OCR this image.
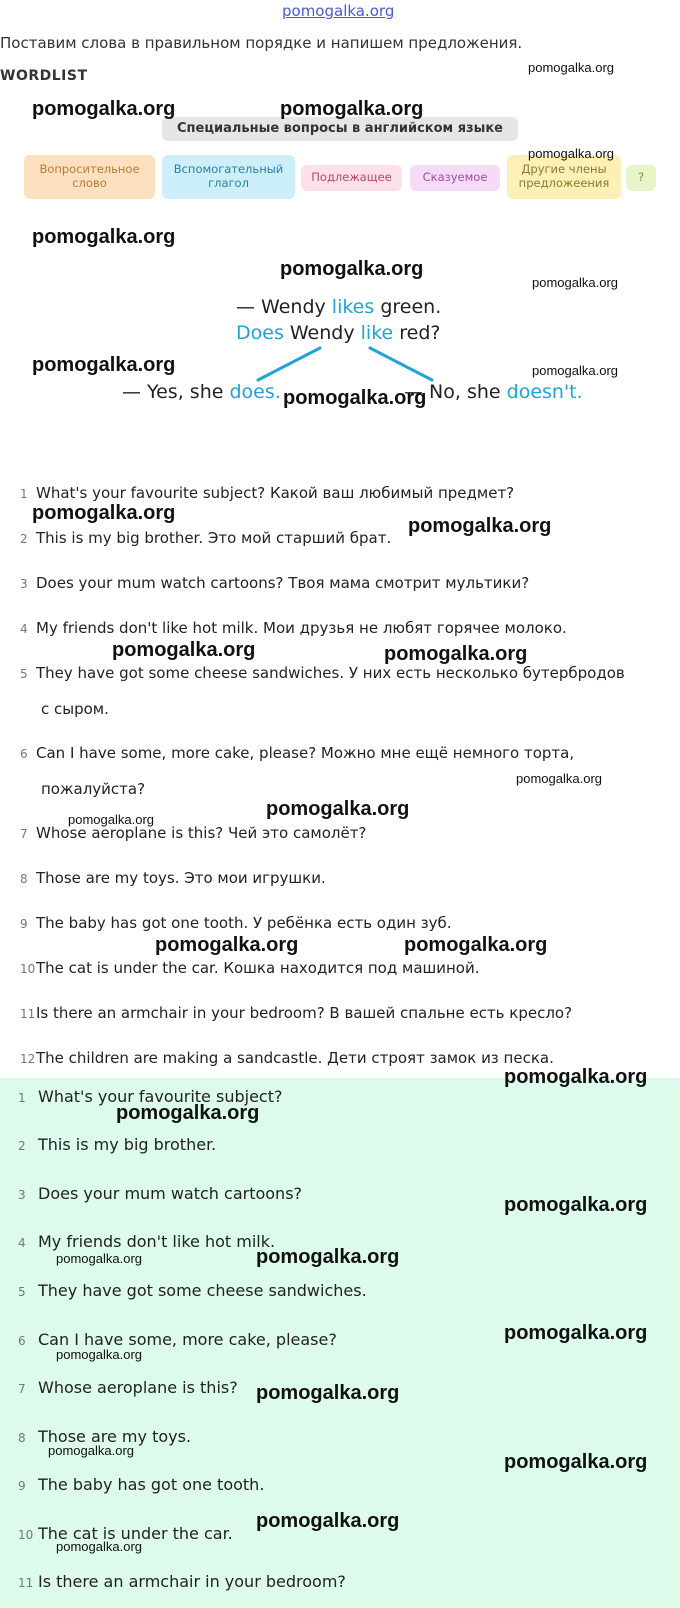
pomogalka.org
Поставим слова в правильном порядке и напишем предложения.
WORDLIST
Специальные вопросы в английском языке
Вопросительное слово
Вспомогательный глагол	Подлежащее	Сказуемое
Другие члены предложеения	?
— Wendy likes green.
Does Wendy like red?
— Yes, she does.	— No, she doesn't.
1 What's your favourite subject? Какой ваш любимый предмет?
2 This is my big brother. Это мой старший брат.
3 Does your mum watch cartoons? Твоя мама смотрит мультики?
4 My friends don't like hot milk. Мои друзья не любят горячее молоко.
5 They have got some cheese sandwiches. У них есть несколько бутербродов
с сыром.
6 Can I have some, more cake, please? Можно мне ещё немного торта,
пожалуйста?
7 Whose aeroplane is this? Чей это самолёт?
8 Those are my toys. Это мои игрушки.
9 The baby has got one tooth. У ребёнка есть один зуб.
10The cat is under the car. Кошка находится под машиной.
11Is there an armchair in your bedroom? В вашей спальне есть кресло?
12The children are making a sandcastle. Дети строят замок из песка.
1 What's your favourite subject?
2 This is my big brother.
3 Does your mum watch cartoons?
4 My friends don't like hot milk.
5 They have got some cheese sandwiches.
6 Can I have some, more cake, please?
7 Whose aeroplane is this?
8 Those are my toys.
9 The baby has got one tooth.
10 The cat is under the car.
11 Is there an armchair in your bedroom?
pomogalka.org	pomogalka.org
pomogalka.org
pomogalka.org
pomogalka.org
pomogalka.org
pomogalka.org
pomogalka.org
pomogalka.org	pomogalka.org
pomogalka.org
pomogalka.org	pomogalka.org
pomogalka.org
pomogalka.org
pomogalka.org
pomogalka.org
pomogalka.org
pomogalka.org
pomogalka.org
pomogalka.org
pomogalka.org
pomogalka.org
pomogalka.org
pomogalka.org
pomogalka.org
pomogalka.org
pomogalka.org
pomogalka.org
pomogalka.org
pomogalka.org
